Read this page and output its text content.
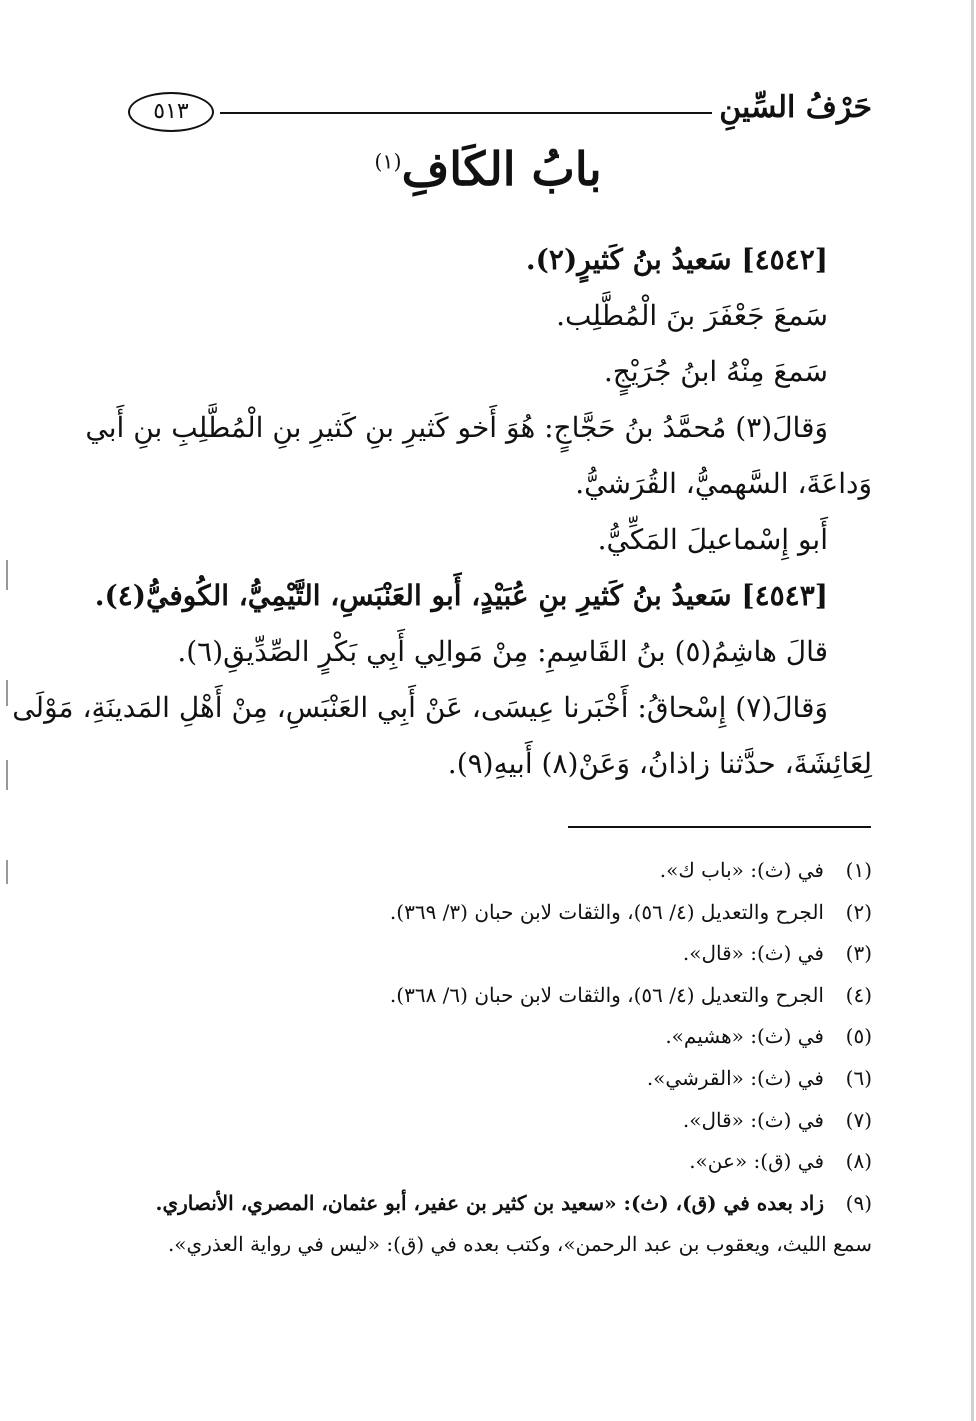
حَرْفُ السِّينِ
٥١٣
بابُ الكَافِ$^{(١)}$
[٤٥٤٢] سَعيدُ بنُ كَثيرٍ(٢).
سَمعَ جَعْفَرَ بنَ الْمُطَّلِب.
سَمعَ مِنْهُ ابنُ جُرَيْجٍ.
وَقالَ(٣) مُحمَّدُ بنُ حَجَّاجٍ: هُوَ أَخو كَثيرِ بنِ كَثيرِ بنِ الْمُطَّلِبِ بنِ أَبي
وَداعَةَ، السَّهميُّ، القُرَشيُّ.
أَبو إِسْماعيلَ المَكِّيُّ.
[٤٥٤٣] سَعيدُ بنُ كَثيرِ بنِ عُبَيْدٍ، أَبو العَنْبَسِ، التَّيْمِيُّ، الكُوفيُّ(٤).
قالَ هاشِمُ(٥) بنُ القَاسِمِ: مِنْ مَوالِي أَبِي بَكْرٍ الصِّدِّيقِ(٦).
وَقالَ(٧) إِسْحاقُ: أَخْبَرنا عِيسَى، عَنْ أَبِي العَنْبَسِ، مِنْ أَهْلِ المَدينَةِ، مَوْلَى
لِعَائِشَةَ، حدَّثنا زاذانُ، وَعَنْ(٨) أَبيهِ(٩).
(١)في (ث): «باب ك».
(٢)الجرح والتعديل (٤/ ٥٦)، والثقات لابن حبان (٣/ ٣٦٩).
(٣)في (ث): «قال».
(٤)الجرح والتعديل (٤/ ٥٦)، والثقات لابن حبان (٦/ ٣٦٨).
(٥)في (ث): «هشيم».
(٦)في (ث): «القرشي».
(٧)في (ث): «قال».
(٨)في (ق): «عن».
(٩)زاد بعده في (ق)، (ث): «سعيد بن كثير بن عفير، أبو عثمان، المصري، الأنصاري.
سمع الليث، ويعقوب بن عبد الرحمن»، وكتب بعده في (ق): «ليس في رواية العذري».
